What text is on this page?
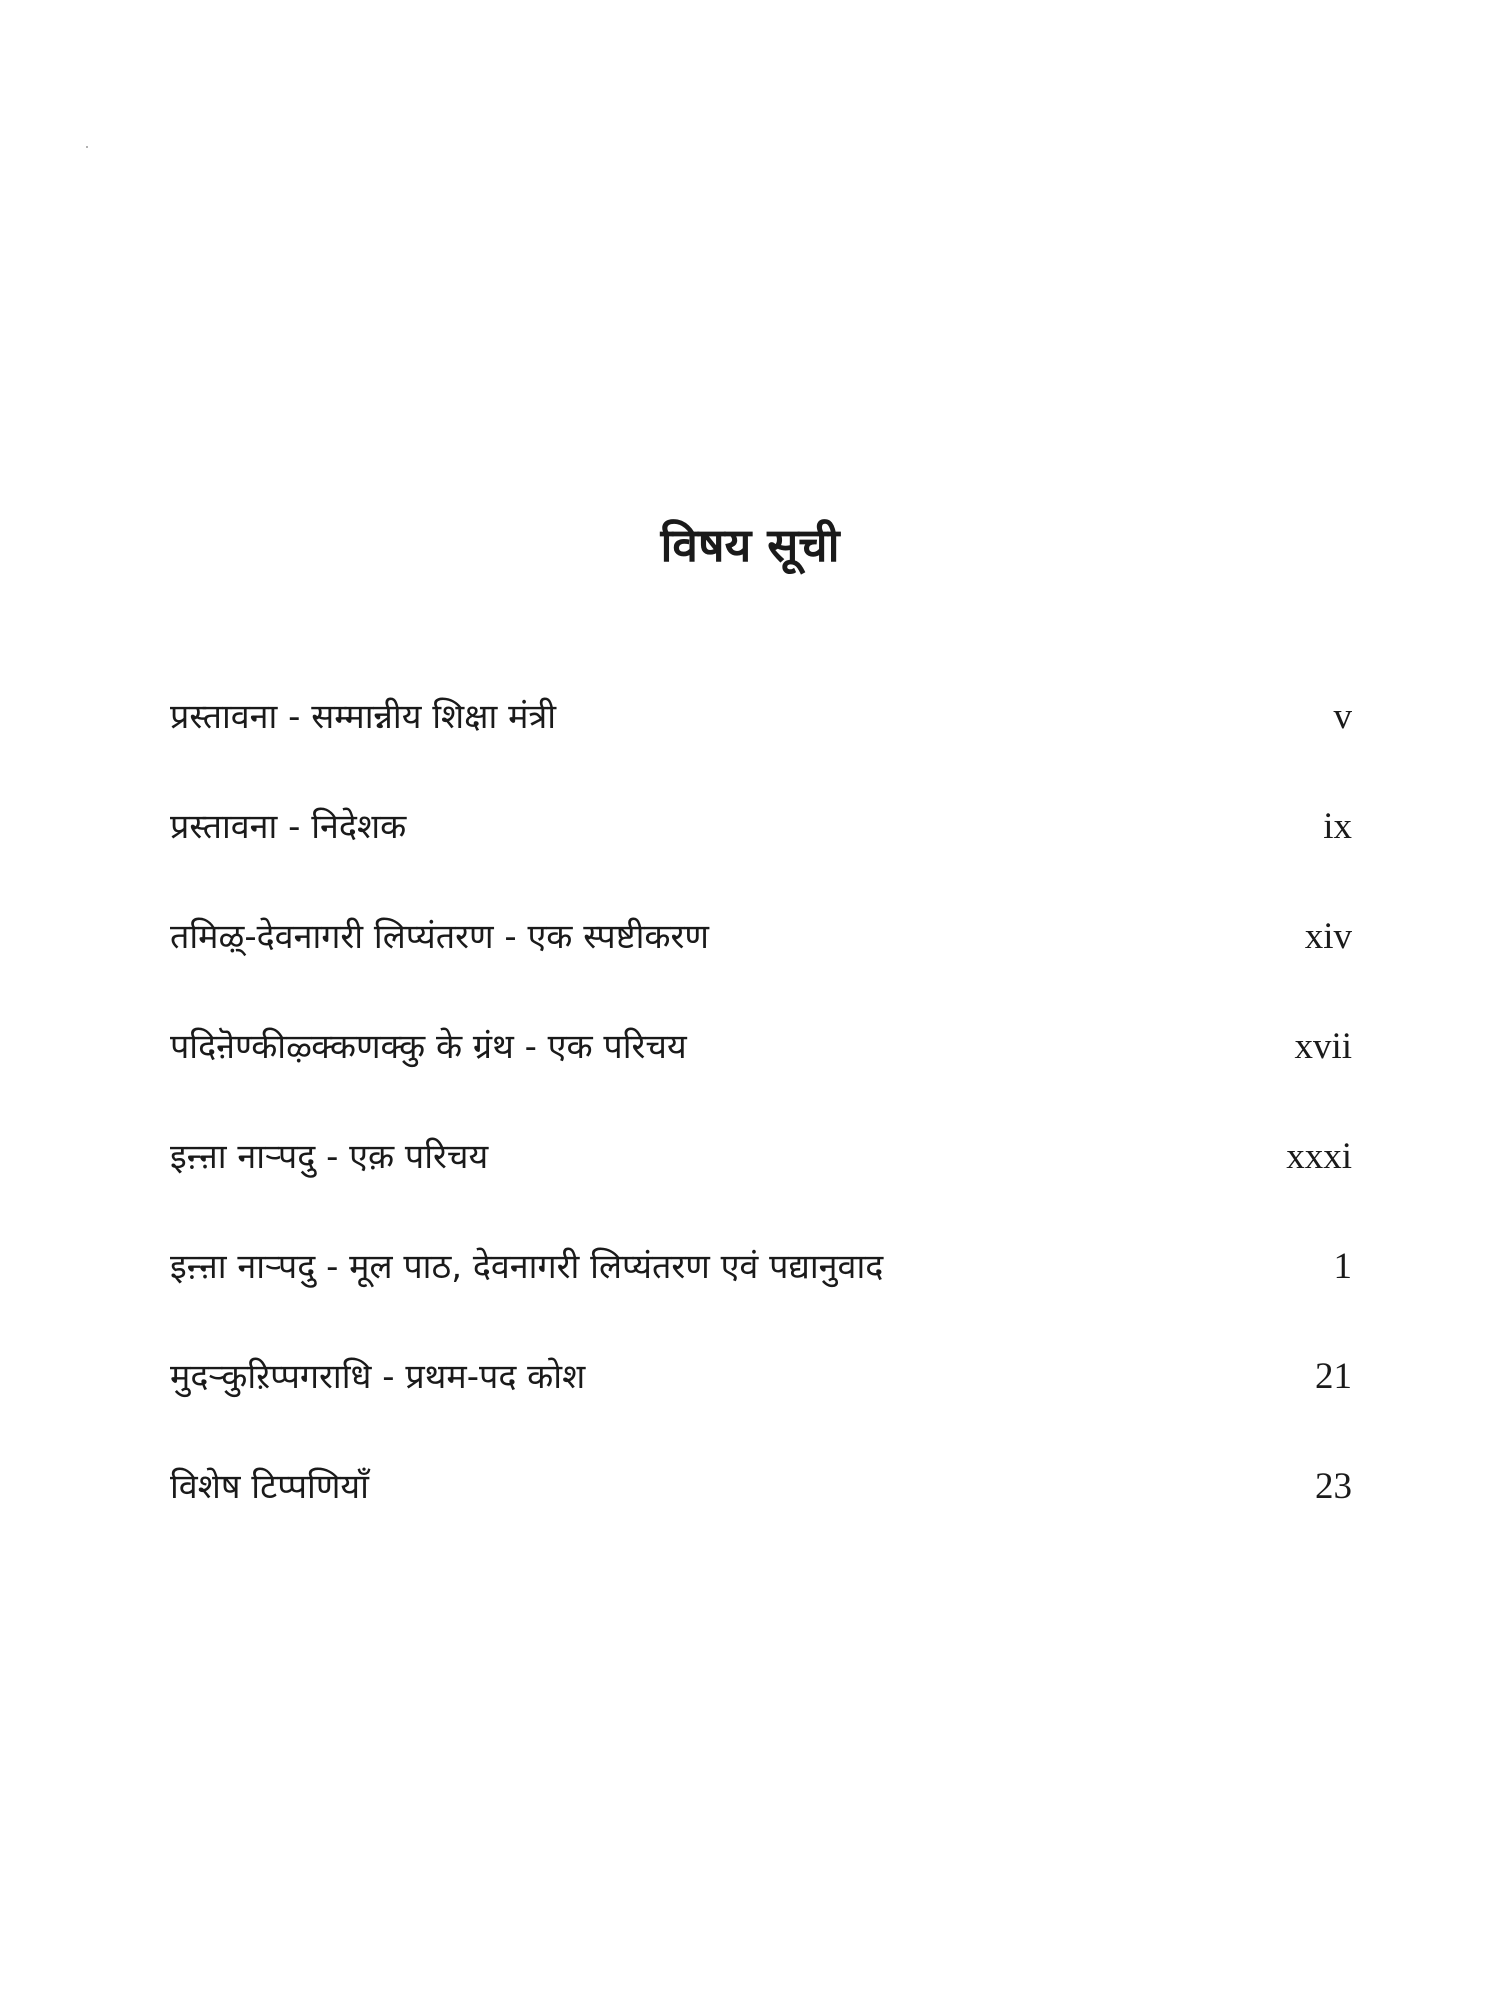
विषय सूची
प्रस्तावना - सम्मान्नीय शिक्षा मंत्री	v
प्रस्तावना - निदेशक	ix
तमिऴ्-देवनागरी लिप्यंतरण - एक स्पष्टीकरण	xiv
पदिऩॆण्कीऴ्क्कणक्कु के ग्रंथ - एक परिचय	xvii
इऩ्ऩा नाऱ्पदु - एक़ परिचय	xxxi
इऩ्ऩा नाऱ्पदु - मूल पाठ, देवनागरी लिप्यंतरण एवं पद्यानुवाद	1
मुदऱ्कुऱिप्पगराधि - प्रथम-पद कोश	21
विशेष टिप्पणियाँ	23
